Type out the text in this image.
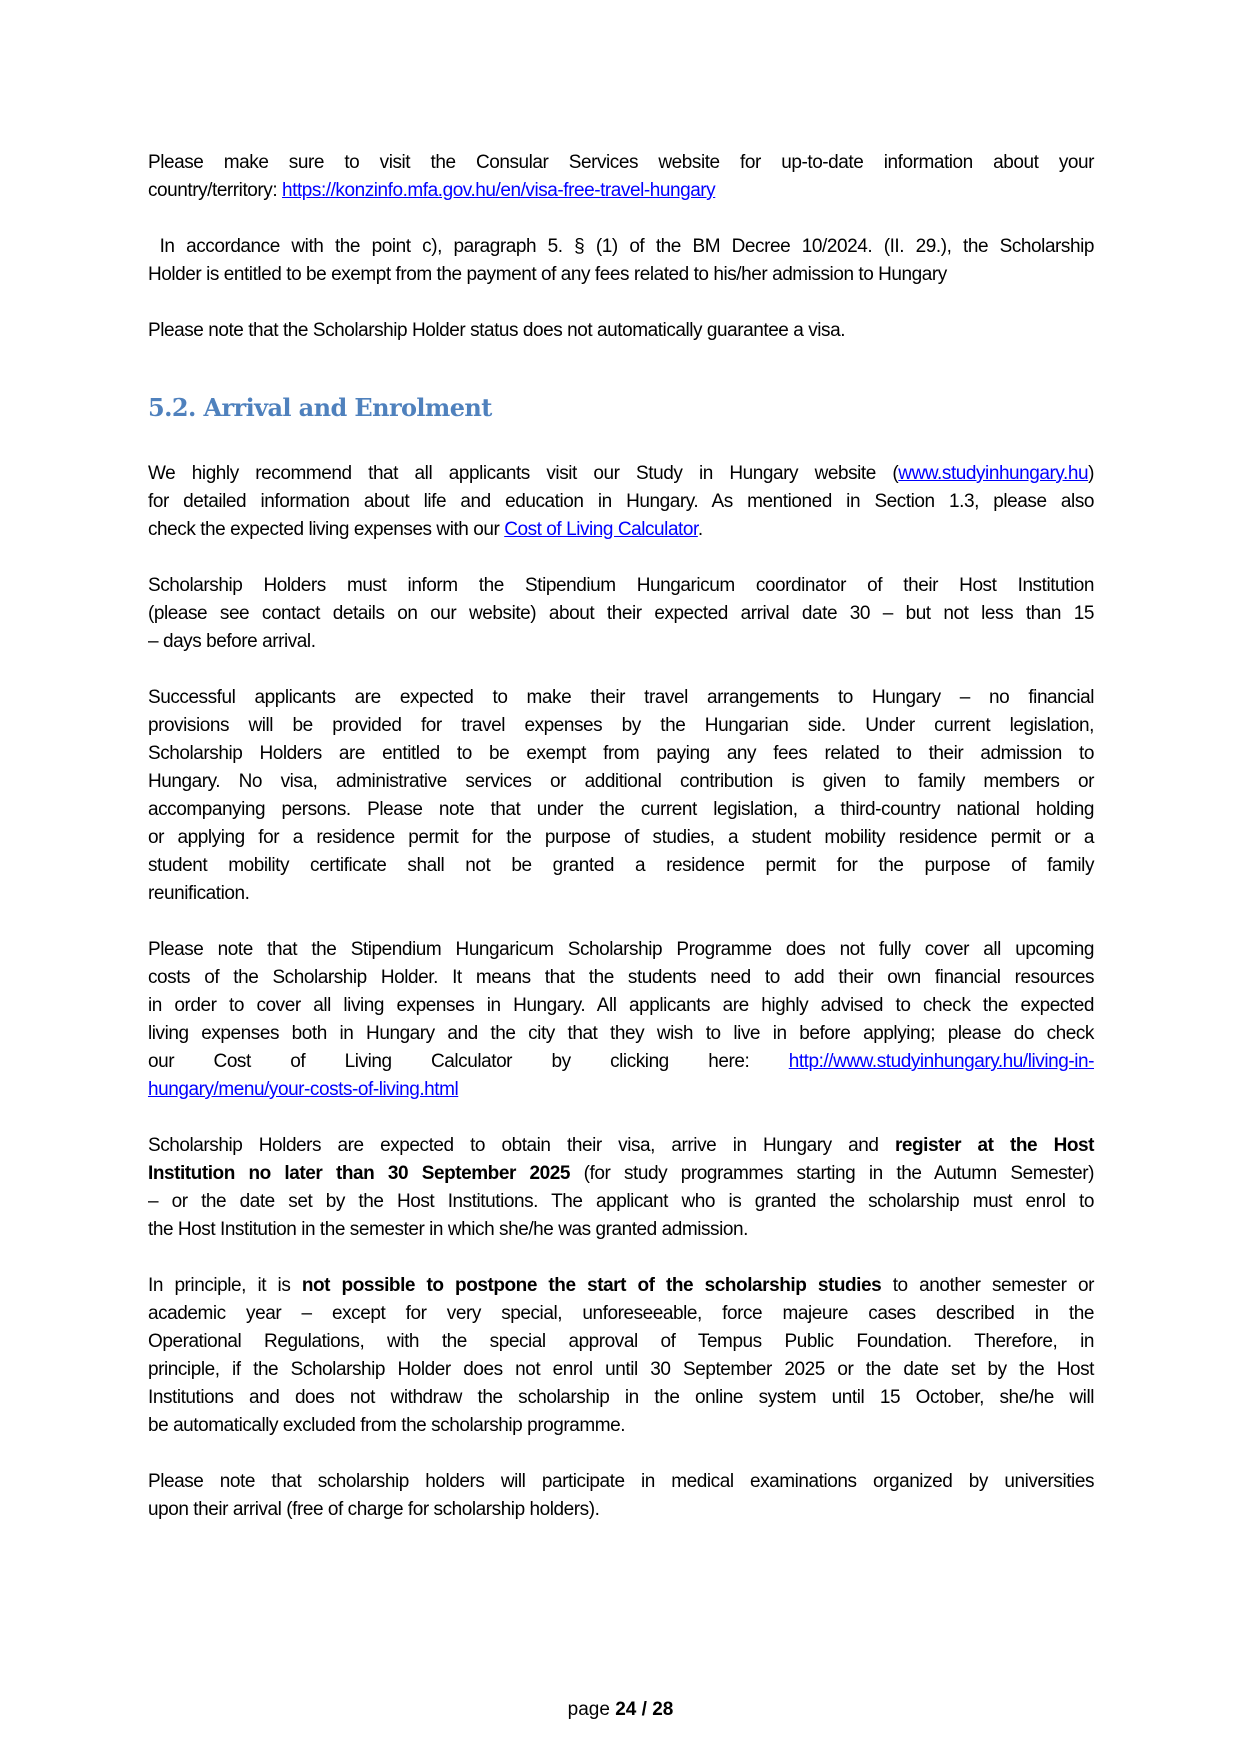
Please make sure to visit the Consular Services website for up-to-date information about your
country/territory: https://konzinfo.mfa.gov.hu/en/visa-free-travel-hungary
In accordance with the point c), paragraph 5. § (1) of the BM Decree 10/2024. (II. 29.), the Scholarship
Holder is entitled to be exempt from the payment of any fees related to his/her admission to Hungary
Please note that the Scholarship Holder status does not automatically guarantee a visa.
5.2. Arrival and Enrolment
We highly recommend that all applicants visit our Study in Hungary website (www.studyinhungary.hu)
for detailed information about life and education in Hungary. As mentioned in Section 1.3, please also
check the expected living expenses with our Cost of Living Calculator.
Scholarship Holders must inform the Stipendium Hungaricum coordinator of their Host Institution
(please see contact details on our website) about their expected arrival date 30 – but not less than 15
– days before arrival.
Successful applicants are expected to make their travel arrangements to Hungary – no financial
provisions will be provided for travel expenses by the Hungarian side. Under current legislation,
Scholarship Holders are entitled to be exempt from paying any fees related to their admission to
Hungary. No visa, administrative services or additional contribution is given to family members or
accompanying persons. Please note that under the current legislation, a third-country national holding
or applying for a residence permit for the purpose of studies, a student mobility residence permit or a
student mobility certificate shall not be granted a residence permit for the purpose of family
reunification.
Please note that the Stipendium Hungaricum Scholarship Programme does not fully cover all upcoming
costs of the Scholarship Holder. It means that the students need to add their own financial resources
in order to cover all living expenses in Hungary. All applicants are highly advised to check the expected
living expenses both in Hungary and the city that they wish to live in before applying; please do check
our Cost of Living Calculator by clicking here: http://www.studyinhungary.hu/living-in-
hungary/menu/your-costs-of-living.html
Scholarship Holders are expected to obtain their visa, arrive in Hungary and register at the Host
Institution no later than 30 September 2025 (for study programmes starting in the Autumn Semester)
– or the date set by the Host Institutions. The applicant who is granted the scholarship must enrol to
the Host Institution in the semester in which she/he was granted admission.
In principle, it is not possible to postpone the start of the scholarship studies to another semester or
academic year – except for very special, unforeseeable, force majeure cases described in the
Operational Regulations, with the special approval of Tempus Public Foundation. Therefore, in
principle, if the Scholarship Holder does not enrol until 30 September 2025 or the date set by the Host
Institutions and does not withdraw the scholarship in the online system until 15 October, she/he will
be automatically excluded from the scholarship programme.
Please note that scholarship holders will participate in medical examinations organized by universities
upon their arrival (free of charge for scholarship holders).
page 24 / 28
